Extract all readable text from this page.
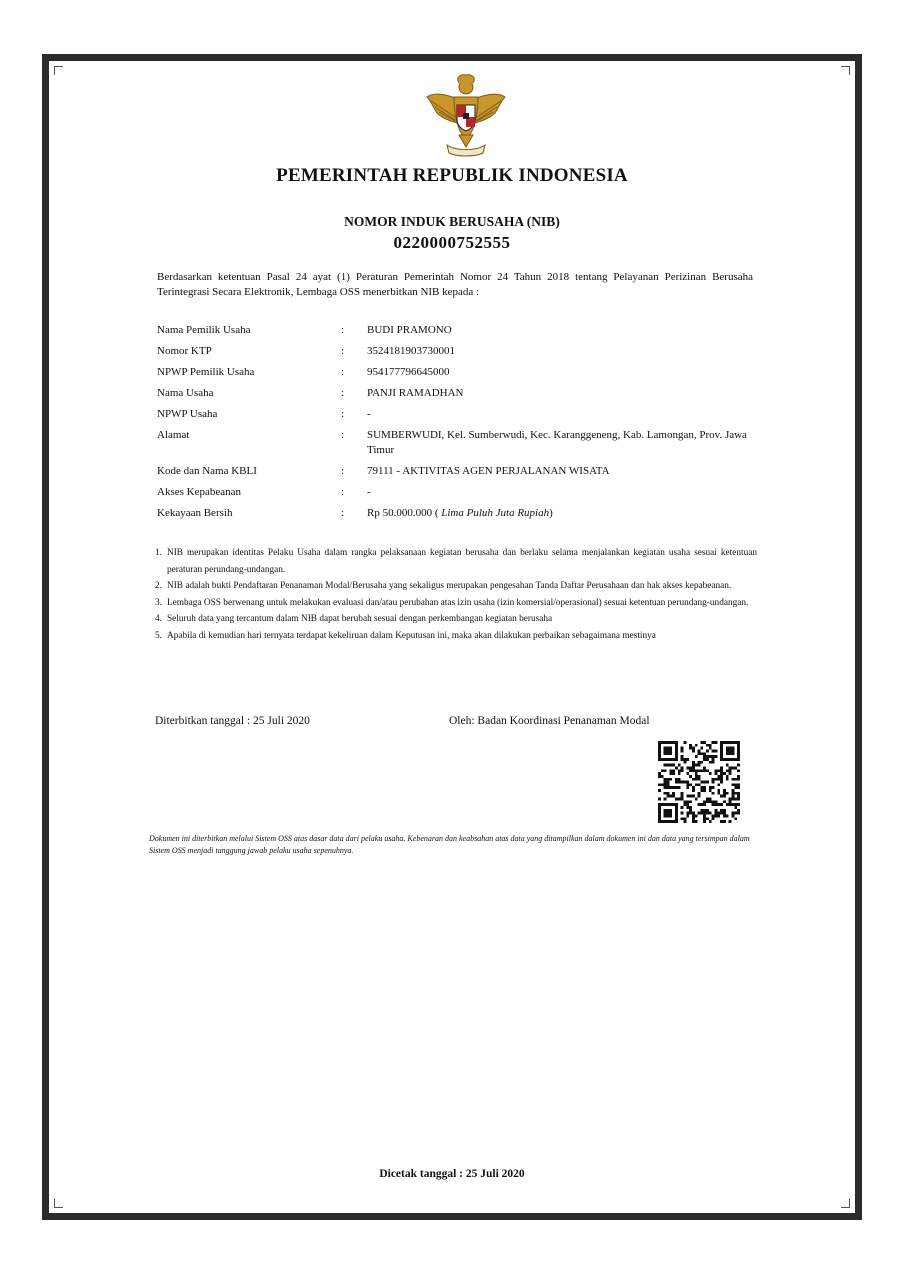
PEMERINTAH REPUBLIK INDONESIA
NOMOR INDUK BERUSAHA (NIB)
0220000752555
Berdasarkan ketentuan Pasal 24 ayat (1) Peraturan Pemerintah Nomor 24 Tahun 2018 tentang Pelayanan Perizinan Berusaha Terintegrasi Secara Elektronik, Lembaga OSS menerbitkan NIB kepada :
Nama Pemilik Usaha	:	BUDI PRAMONO
Nomor KTP	:	3524181903730001
NPWP Pemilik Usaha	:	954177796645000
Nama Usaha	:	PANJI RAMADHAN
NPWP Usaha	:	-
Alamat	:	SUMBERWUDI, Kel. Sumberwudi, Kec. Karanggeneng, Kab. Lamongan, Prov. Jawa Timur
Kode dan Nama KBLI	:	79111 - AKTIVITAS AGEN PERJALANAN WISATA
Akses Kepabeanan	:	-
Kekayaan Bersih	:	Rp 50.000.000 ( Lima Puluh Juta Rupiah)
1. NIB merupakan identitas Pelaku Usaha dalam rangka pelaksanaan kegiatan berusaha dan berlaku selama menjalankan kegiatan usaha sesuai ketentuan peraturan perundang-undangan.
2. NIB adalah bukti Pendaftaran Penanaman Modal/Berusaha yang sekaligus merupakan pengesahan Tanda Daftar Perusahaan dan hak akses kepabeanan.
3. Lembaga OSS berwenang untuk melakukan evaluasi dan/atau perubahan atas izin usaha (izin komersial/operasional) sesuai ketentuan perundang-undangan.
4. Seluruh data yang tercantum dalam NIB dapat berubah sesuai dengan perkembangan kegiatan berusaha
5. Apabila di kemudian hari ternyata terdapat kekeliruan dalam Keputusan ini, maka akan dilakukan perbaikan sebagaimana mestinya
Diterbitkan tanggal : 25 Juli 2020	Oleh: Badan Koordinasi Penanaman Modal
Dokumen ini diterbitkan melalui Sistem OSS atas dasar data dari pelaku usaha. Kebenaran dan keabsahan atas data yang ditampilkan dalam dokumen ini dan data yang tersimpan dalam Sistem OSS menjadi tanggung jawab pelaku usaha sepenuhnya.
Dicetak tanggal : 25 Juli 2020
